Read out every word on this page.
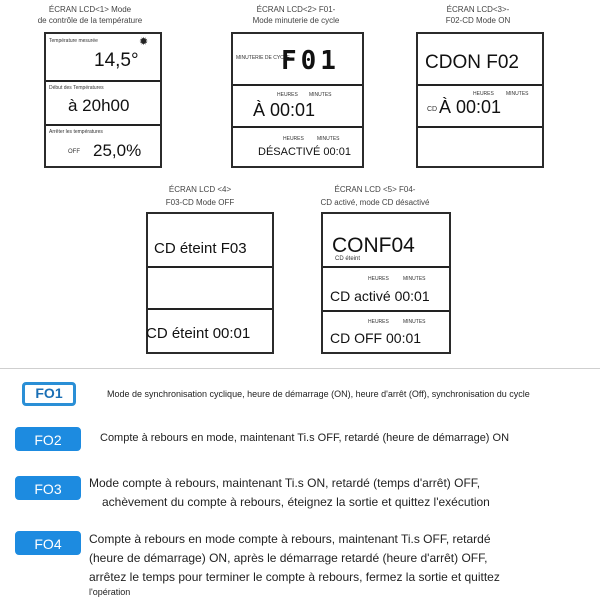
ÉCRAN LCD<1> Mode
de contrôle de la température
Température mesurée	✹
14,5°
Début des Températures
à 20h00
Arrêter les températures
OFF 25,0%
ÉCRAN LCD<2> F01-
Mode minuterie de cycle
MINUTERIE DE CYCLE
F01
HEURES MINUTES
À 00:01
HEURES	MINUTES
DÉSACTIVÉ 00:01
ÉCRAN LCD<3>-
F02-CD Mode ON
CDON F02
HEURES MINUTES
CD À 00:01
ÉCRAN LCD <4>
F03-CD Mode OFF
CD éteint F03
CD éteint 00:01
ÉCRAN LCD <5> F04-
CD activé, mode CD désactivé
CONF04
CD éteint
HEURES	MINUTES
CD activé 00:01
HEURES	MINUTES
CD OFF 00:01
FO1	Mode de synchronisation cyclique, heure de démarrage (ON), heure d'arrêt (Off), synchronisation du cycle
FO2	Compte à rebours en mode, maintenant Ti.s OFF, retardé (heure de démarrage) ON
FO3	Mode compte à rebours, maintenant Ti.s ON, retardé (temps d'arrêt) OFF,
achèvement du compte à rebours, éteignez la sortie et quittez l'exécution
FO4	Compte à rebours en mode compte à rebours, maintenant Ti.s OFF, retardé
(heure de démarrage) ON, après le démarrage retardé (heure d'arrêt) OFF,
arrêtez le temps pour terminer le compte à rebours, fermez la sortie et quittez
l'opération
